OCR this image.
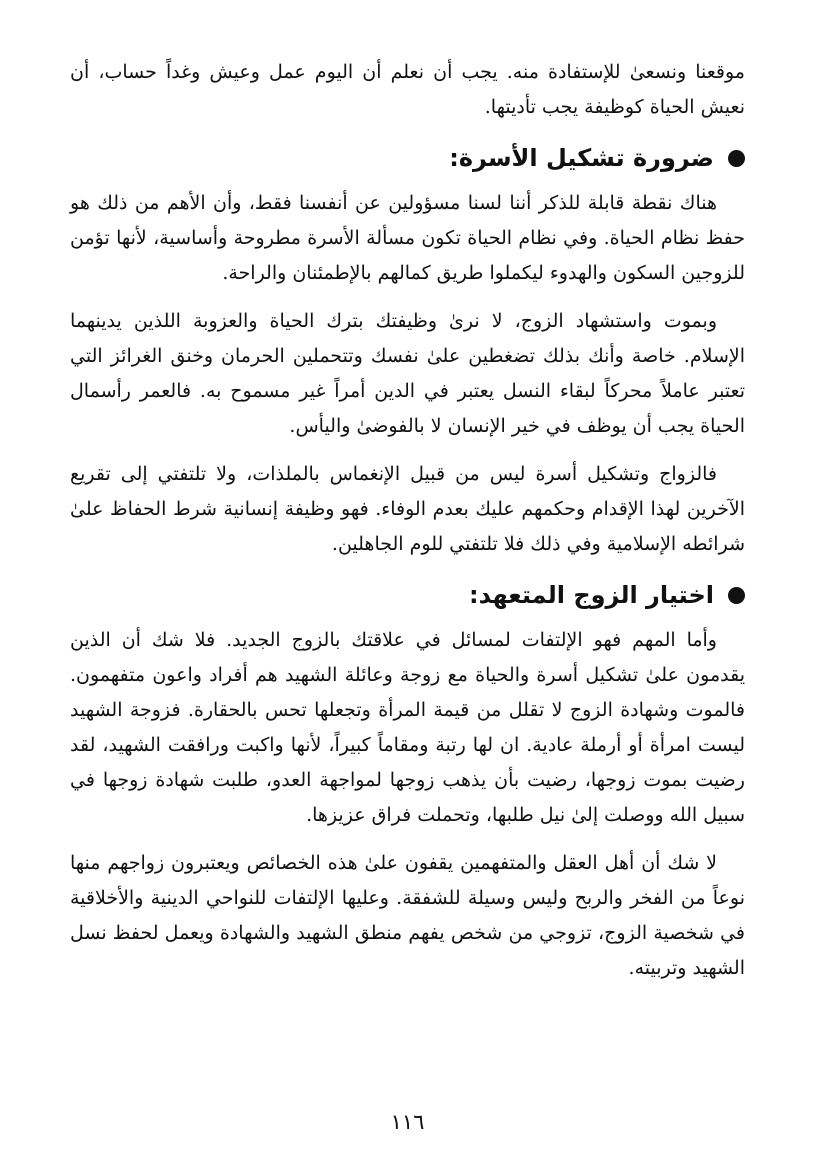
موقعنا ونسعىٰ للإستفادة منه. يجب أن نعلم أن اليوم عمل وعيش وغداً حساب، أن نعيش الحياة كوظيفة يجب تأديتها.

ضرورة تشكيل الأسرة:

هناك نقطة قابلة للذكر أننا لسنا مسؤولين عن أنفسنا فقط، وأن الأهم من ذلك هو حفظ نظام الحياة. وفي نظام الحياة تكون مسألة الأسرة مطروحة وأساسية، لأنها تؤمن للزوجين السكون والهدوء ليكملوا طريق كمالهم بالإطمئنان والراحة.

وبموت واستشهاد الزوج، لا نرىٰ وظيفتك بترك الحياة والعزوبة اللذين يدينهما الإسلام. خاصة وأنك بذلك تضغطين علىٰ نفسك وتتحملين الحرمان وخنق الغرائز التي تعتبر عاملاً محركاً لبقاء النسل يعتبر في الدين أمراً غير مسموح به. فالعمر رأسمال الحياة يجب أن يوظف في خير الإنسان لا بالفوضىٰ واليأس.

فالزواج وتشكيل أسرة ليس من قبيل الإنغماس بالملذات، ولا تلتفتي إلى تقريع الآخرين لهذا الإقدام وحكمهم عليك بعدم الوفاء. فهو وظيفة إنسانية شرط الحفاظ علىٰ شرائطه الإسلامية وفي ذلك فلا تلتفتي للوم الجاهلين.

اختيار الزوج المتعهد:

وأما المهم فهو الإلتفات لمسائل في علاقتك بالزوج الجديد. فلا شك أن الذين يقدمون علىٰ تشكيل أسرة والحياة مع زوجة وعائلة الشهيد هم أفراد واعون متفهمون. فالموت وشهادة الزوج لا تقلل من قيمة المرأة وتجعلها تحس بالحقارة. فزوجة الشهيد ليست امرأة أو أرملة عادية. ان لها رتبة ومقاماً كبيراً، لأنها واكبت ورافقت الشهيد، لقد رضيت بموت زوجها، رضيت بأن يذهب زوجها لمواجهة العدو، طلبت شهادة زوجها في سبيل الله ووصلت إلىٰ نيل طلبها، وتحملت فراق عزيزها.

لا شك أن أهل العقل والمتفهمين يقفون علىٰ هذه الخصائص ويعتبرون زواجهم منها نوعاً من الفخر والربح وليس وسيلة للشفقة. وعليها الإلتفات للنواحي الدينية والأخلاقية في شخصية الزوج، تزوجي من شخص يفهم منطق الشهيد والشهادة ويعمل لحفظ نسل الشهيد وتربيته.

١١٦
